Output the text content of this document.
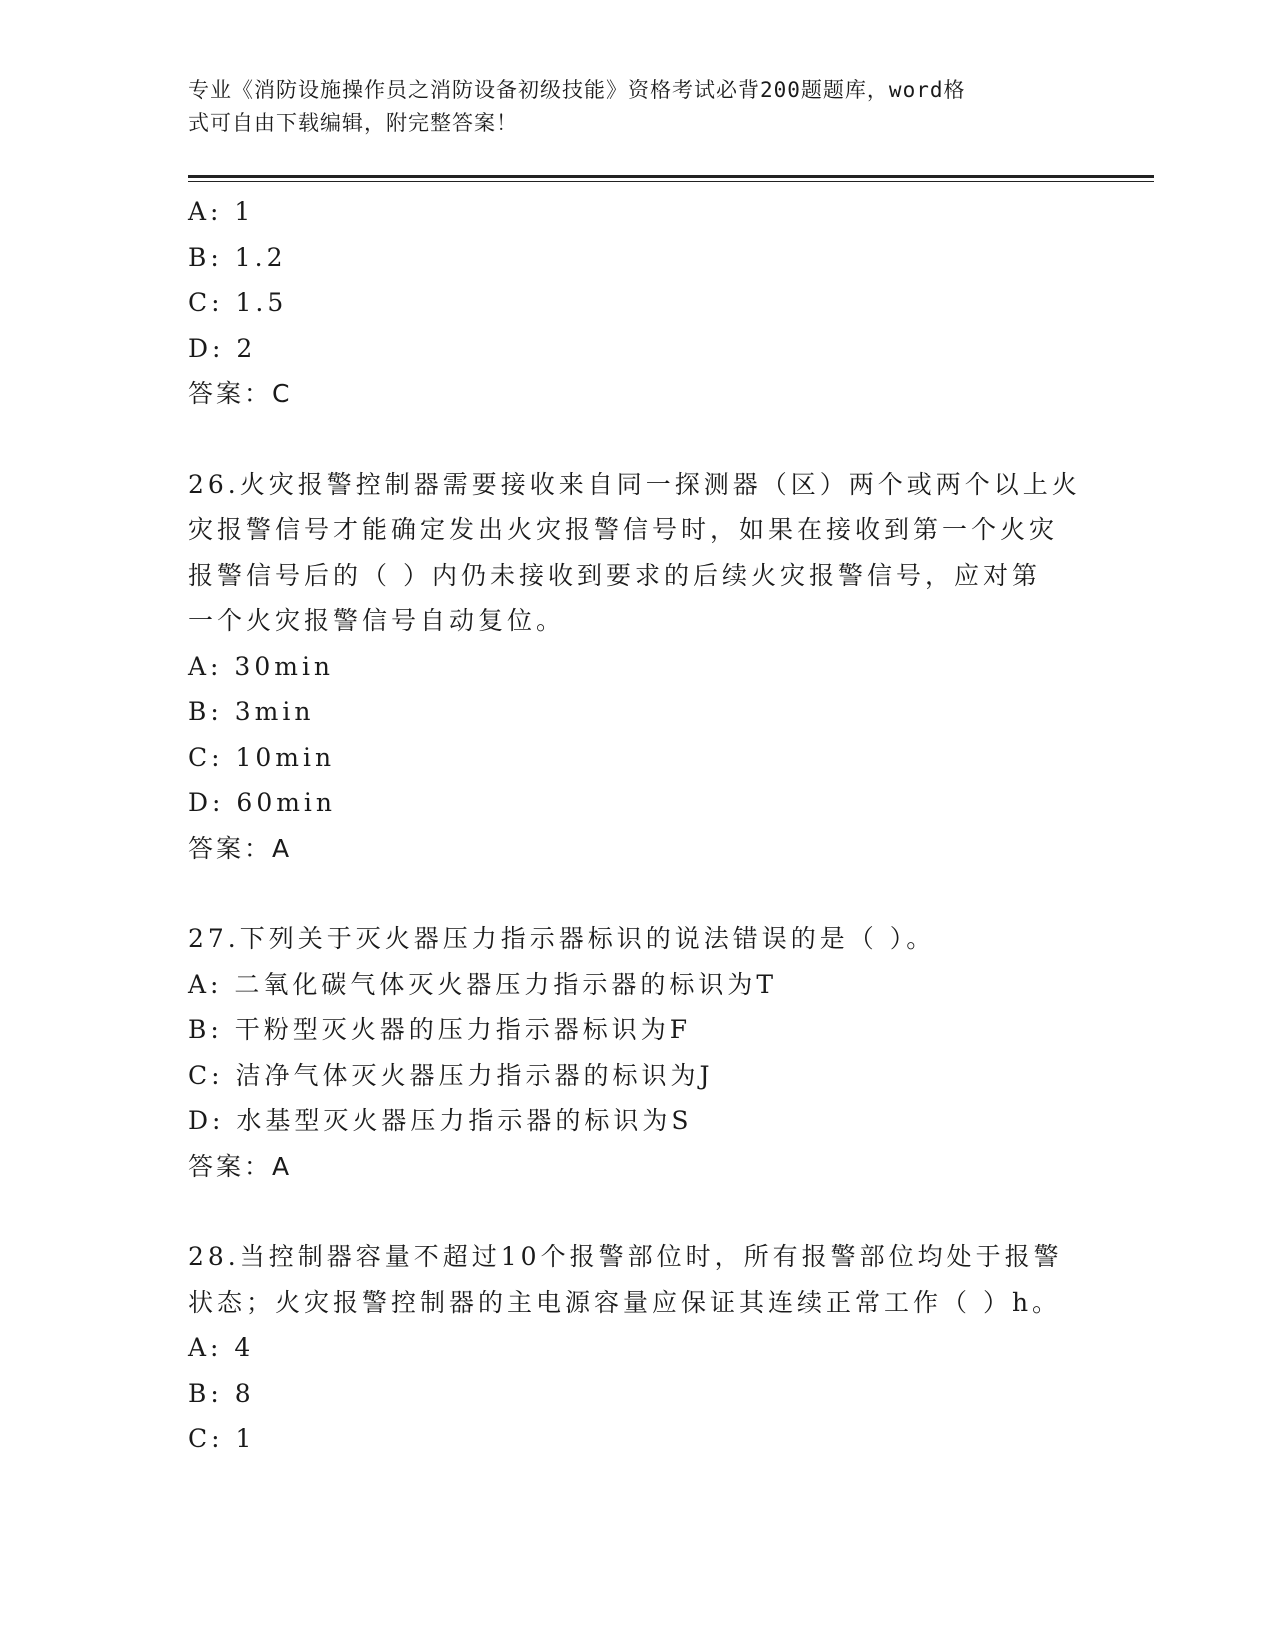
专业《消防设施操作员之消防设备初级技能》资格考试必背200题题库，word格
式可自由下载编辑，附完整答案！
A: 1
B: 1.2
C: 1.5
D: 2
答案：C
26.火灾报警控制器需要接收来自同一探测器（区）两个或两个以上火
灾报警信号才能确定发出火灾报警信号时，如果在接收到第一个火灾
报警信号后的（ ）内仍未接收到要求的后续火灾报警信号，应对第
一个火灾报警信号自动复位。
A: 30min
B: 3min
C: 10min
D: 60min
答案：A
27.下列关于灭火器压力指示器标识的说法错误的是（ ）。
A: 二氧化碳气体灭火器压力指示器的标识为T
B: 干粉型灭火器的压力指示器标识为F
C: 洁净气体灭火器压力指示器的标识为J
D: 水基型灭火器压力指示器的标识为S
答案：A
28.当控制器容量不超过10个报警部位时，所有报警部位均处于报警
状态；火灾报警控制器的主电源容量应保证其连续正常工作（ ）h。
A: 4
B: 8
C: 1
